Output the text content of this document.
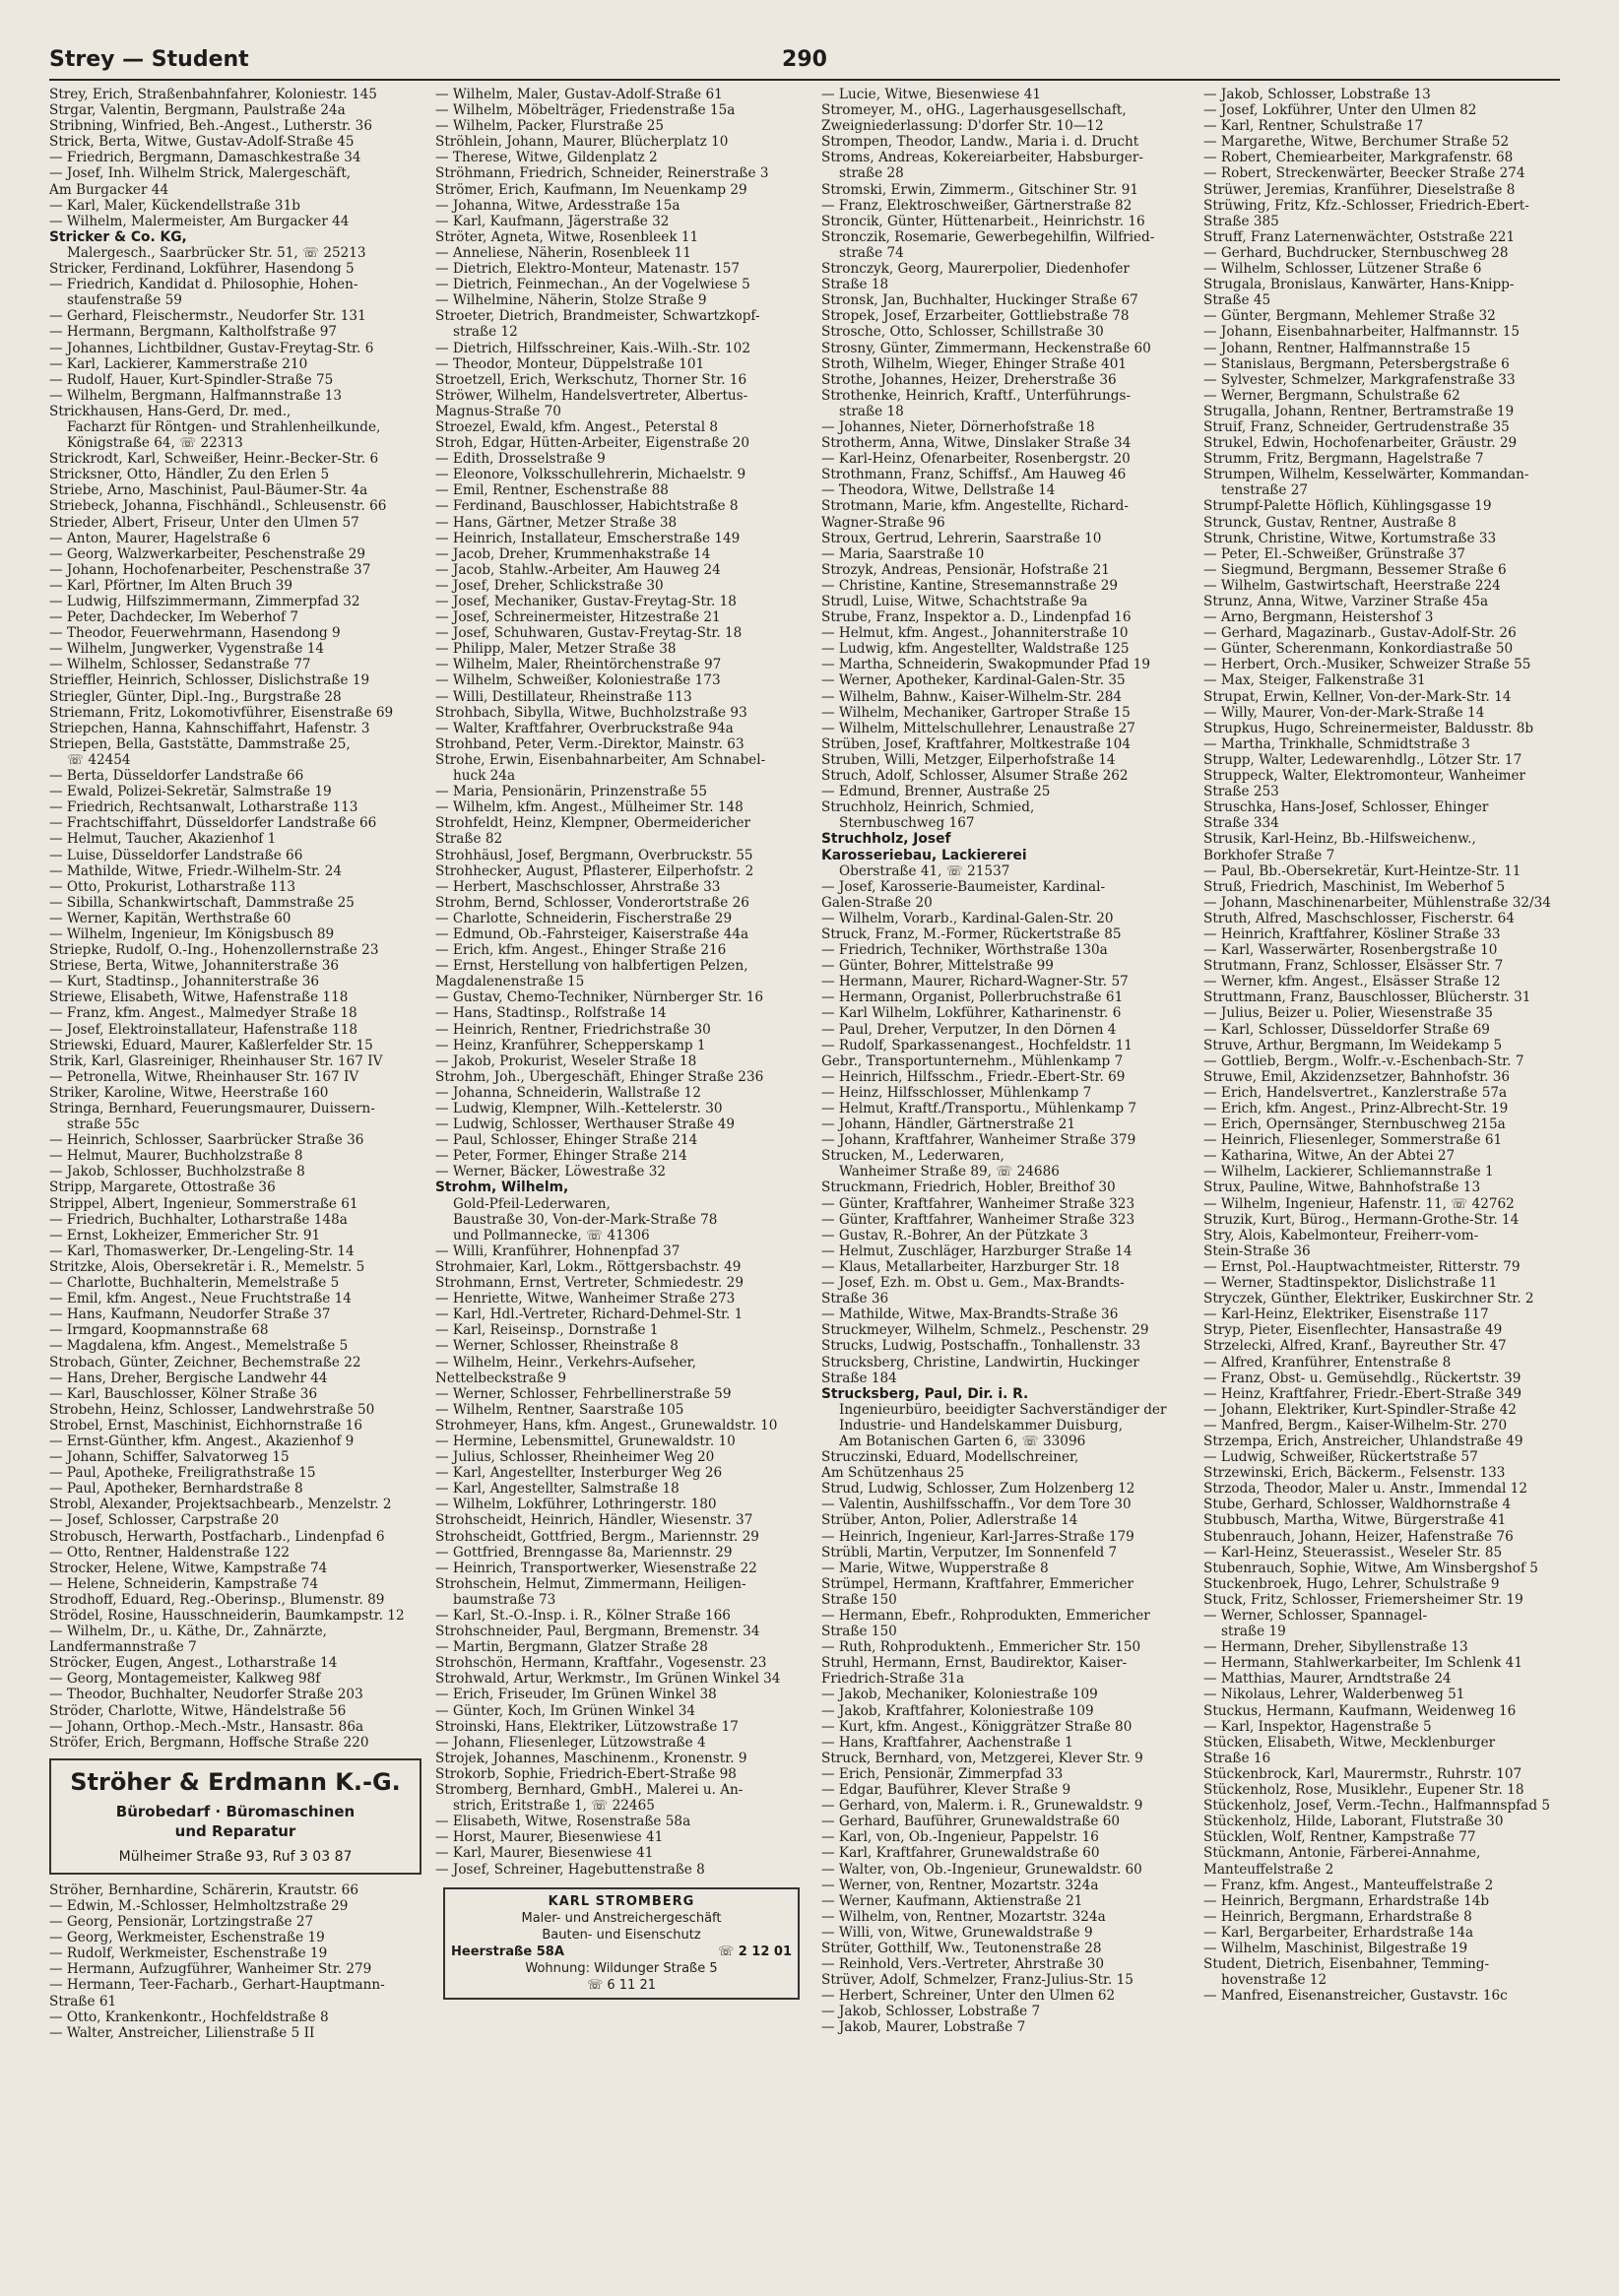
Strey — Student	290
Strey, Erich, Straßenbahnfahrer, Koloniestr. 145
Strgar, Valentin, Bergmann, Paulstraße 24a
Stribning, Winfried, Beh.-Angest., Lutherstr. 36
Strick, Berta, Witwe, Gustav-Adolf-Straße 45
— Friedrich, Bergmann, Damaschkestraße 34
— Josef, Inh. Wilhelm Strick, Malergeschäft,
Am Burgacker 44
— Karl, Maler, Kückendellstraße 31b
— Wilhelm, Malermeister, Am Burgacker 44
Stricker & Co. KG,
Malergesch., Saarbrücker Str. 51, ☏ 25213
Stricker, Ferdinand, Lokführer, Hasendong 5
— Friedrich, Kandidat d. Philosophie, Hohen-
staufenstraße 59
— Gerhard, Fleischermstr., Neudorfer Str. 131
— Hermann, Bergmann, Kaltholfstraße 97
— Johannes, Lichtbildner, Gustav-Freytag-Str. 6
— Karl, Lackierer, Kammerstraße 210
— Rudolf, Hauer, Kurt-Spindler-Straße 75
— Wilhelm, Bergmann, Halfmannstraße 13
Strickhausen, Hans-Gerd, Dr. med.,
Facharzt für Röntgen- und Strahlenheilkunde,
Königstraße 64, ☏ 22313
Strickrodt, Karl, Schweißer, Heinr.-Becker-Str. 6
Stricksner, Otto, Händler, Zu den Erlen 5
Striebe, Arno, Maschinist, Paul-Bäumer-Str. 4a
Striebeck, Johanna, Fischhändl., Schleusenstr. 66
Strieder, Albert, Friseur, Unter den Ulmen 57
— Anton, Maurer, Hagelstraße 6
— Georg, Walzwerkarbeiter, Peschenstraße 29
— Johann, Hochofenarbeiter, Peschenstraße 37
— Karl, Pförtner, Im Alten Bruch 39
— Ludwig, Hilfszimmermann, Zimmerpfad 32
— Peter, Dachdecker, Im Weberhof 7
— Theodor, Feuerwehrmann, Hasendong 9
— Wilhelm, Jungwerker, Vygenstraße 14
— Wilhelm, Schlosser, Sedanstraße 77
Strieffler, Heinrich, Schlosser, Dislichstraße 19
Striegler, Günter, Dipl.-Ing., Burgstraße 28
Striemann, Fritz, Lokomotivführer, Eisenstraße 69
Striepchen, Hanna, Kahnschiffahrt, Hafenstr. 3
Striepen, Bella, Gaststätte, Dammstraße 25,
☏ 42454
— Berta, Düsseldorfer Landstraße 66
— Ewald, Polizei-Sekretär, Salmstraße 19
— Friedrich, Rechtsanwalt, Lotharstraße 113
— Frachtschiffahrt, Düsseldorfer Landstraße 66
— Helmut, Taucher, Akazienhof 1
— Luise, Düsseldorfer Landstraße 66
— Mathilde, Witwe, Friedr.-Wilhelm-Str. 24
— Otto, Prokurist, Lotharstraße 113
— Sibilla, Schankwirtschaft, Dammstraße 25
— Werner, Kapitän, Werthstraße 60
— Wilhelm, Ingenieur, Im Königsbusch 89
Striepke, Rudolf, O.-Ing., Hohenzollernstraße 23
Striese, Berta, Witwe, Johanniterstraße 36
— Kurt, Stadtinsp., Johanniterstraße 36
Striewe, Elisabeth, Witwe, Hafenstraße 118
— Franz, kfm. Angest., Malmedyer Straße 18
— Josef, Elektroinstallateur, Hafenstraße 118
Striewski, Eduard, Maurer, Kaßlerfelder Str. 15
Strik, Karl, Glasreiniger, Rheinhauser Str. 167 IV
— Petronella, Witwe, Rheinhauser Str. 167 IV
Striker, Karoline, Witwe, Heerstraße 160
Stringa, Bernhard, Feuerungsmaurer, Duissern-
straße 55c
— Heinrich, Schlosser, Saarbrücker Straße 36
— Helmut, Maurer, Buchholzstraße 8
— Jakob, Schlosser, Buchholzstraße 8
Stripp, Margarete, Ottostraße 36
Strippel, Albert, Ingenieur, Sommerstraße 61
— Friedrich, Buchhalter, Lotharstraße 148a
— Ernst, Lokheizer, Emmericher Str. 91
— Karl, Thomaswerker, Dr.-Lengeling-Str. 14
Stritzke, Alois, Obersekretär i. R., Memelstr. 5
— Charlotte, Buchhalterin, Memelstraße 5
— Emil, kfm. Angest., Neue Fruchtstraße 14
— Hans, Kaufmann, Neudorfer Straße 37
— Irmgard, Koopmannstraße 68
— Magdalena, kfm. Angest., Memelstraße 5
Strobach, Günter, Zeichner, Bechemstraße 22
— Hans, Dreher, Bergische Landwehr 44
— Karl, Bauschlosser, Kölner Straße 36
Strobehn, Heinz, Schlosser, Landwehrstraße 50
Strobel, Ernst, Maschinist, Eichhornstraße 16
— Ernst-Günther, kfm. Angest., Akazienhof 9
— Johann, Schiffer, Salvatorweg 15
— Paul, Apotheke, Freiligrathstraße 15
— Paul, Apotheker, Bernhardstraße 8
Strobl, Alexander, Projektsachbearb., Menzelstr. 2
— Josef, Schlosser, Carpstraße 20
Strobusch, Herwarth, Postfacharb., Lindenpfad 6
— Otto, Rentner, Haldenstraße 122
Strocker, Helene, Witwe, Kampstraße 74
— Helene, Schneiderin, Kampstraße 74
Strodhoff, Eduard, Reg.-Oberinsp., Blumenstr. 89
Strödel, Rosine, Hausschneiderin, Baumkampstr. 12
— Wilhelm, Dr., u. Käthe, Dr., Zahnärzte,
Landfermannstraße 7
Ströcker, Eugen, Angest., Lotharstraße 14
— Georg, Montagemeister, Kalkweg 98f
— Theodor, Buchhalter, Neudorfer Straße 203
Ströder, Charlotte, Witwe, Händelstraße 56
— Johann, Orthop.-Mech.-Mstr., Hansastr. 86a
Ströfer, Erich, Bergmann, Hoffsche Straße 220
Ströher & Erdmann K.-G.
Bürobedarf · Büromaschinen
und Reparatur
Mülheimer Straße 93, Ruf 3 03 87
Ströher, Bernhardine, Schärerin, Krautstr. 66
— Edwin, M.-Schlosser, Helmholtzstraße 29
— Georg, Pensionär, Lortzingstraße 27
— Georg, Werkmeister, Eschenstraße 19
— Rudolf, Werkmeister, Eschenstraße 19
— Hermann, Aufzugführer, Wanheimer Str. 279
— Hermann, Teer-Facharb., Gerhart-Hauptmann-
Straße 61
— Otto, Krankenkontr., Hochfeldstraße 8
— Walter, Anstreicher, Lilienstraße 5 II
— Wilhelm, Maler, Gustav-Adolf-Straße 61
— Wilhelm, Möbelträger, Friedenstraße 15a
— Wilhelm, Packer, Flurstraße 25
Ströhlein, Johann, Maurer, Blücherplatz 10
— Therese, Witwe, Gildenplatz 2
Ströhmann, Friedrich, Schneider, Reinerstraße 3
Strömer, Erich, Kaufmann, Im Neuenkamp 29
— Johanna, Witwe, Ardesstraße 15a
— Karl, Kaufmann, Jägerstraße 32
Ströter, Agneta, Witwe, Rosenbleek 11
— Anneliese, Näherin, Rosenbleek 11
— Dietrich, Elektro-Monteur, Matenastr. 157
— Dietrich, Feinmechan., An der Vogelwiese 5
— Wilhelmine, Näherin, Stolze Straße 9
Stroeter, Dietrich, Brandmeister, Schwartzkopf-
straße 12
— Dietrich, Hilfsschreiner, Kais.-Wilh.-Str. 102
— Theodor, Monteur, Düppelstraße 101
Stroetzell, Erich, Werkschutz, Thorner Str. 16
Ströwer, Wilhelm, Handelsvertreter, Albertus-
Magnus-Straße 70
Stroezel, Ewald, kfm. Angest., Peterstal 8
Stroh, Edgar, Hütten-Arbeiter, Eigenstraße 20
— Edith, Drosselstraße 9
— Eleonore, Volksschullehrerin, Michaelstr. 9
— Emil, Rentner, Eschenstraße 88
— Ferdinand, Bauschlosser, Habichtstraße 8
— Hans, Gärtner, Metzer Straße 38
— Heinrich, Installateur, Emscherstraße 149
— Jacob, Dreher, Krummenhakstraße 14
— Jacob, Stahlw.-Arbeiter, Am Hauweg 24
— Josef, Dreher, Schlickstraße 30
— Josef, Mechaniker, Gustav-Freytag-Str. 18
— Josef, Schreinermeister, Hitzestraße 21
— Josef, Schuhwaren, Gustav-Freytag-Str. 18
— Philipp, Maler, Metzer Straße 38
— Wilhelm, Maler, Rheintörchenstraße 97
— Wilhelm, Schweißer, Koloniestraße 173
— Willi, Destillateur, Rheinstraße 113
Strohbach, Sibylla, Witwe, Buchholzstraße 93
— Walter, Kraftfahrer, Overbruckstraße 94a
Strohband, Peter, Verm.-Direktor, Mainstr. 63
Strohe, Erwin, Eisenbahnarbeiter, Am Schnabel-
huck 24a
— Maria, Pensionärin, Prinzenstraße 55
— Wilhelm, kfm. Angest., Mülheimer Str. 148
Strohfeldt, Heinz, Klempner, Obermeidericher
Straße 82
Strohhäusl, Josef, Bergmann, Overbruckstr. 55
Strohhecker, August, Pflasterer, Eilperhofstr. 2
— Herbert, Maschschlosser, Ahrstraße 33
Strohm, Bernd, Schlosser, Vonderortstraße 26
— Charlotte, Schneiderin, Fischerstraße 29
— Edmund, Ob.-Fahrsteiger, Kaiserstraße 44a
— Erich, kfm. Angest., Ehinger Straße 216
— Ernst, Herstellung von halbfertigen Pelzen,
Magdalenenstraße 15
— Gustav, Chemo-Techniker, Nürnberger Str. 16
— Hans, Stadtinsp., Rolfstraße 14
— Heinrich, Rentner, Friedrichstraße 30
— Heinz, Kranführer, Schepperskamp 1
— Jakob, Prokurist, Weseler Straße 18
Strohm, Joh., Übergeschäft, Ehinger Straße 236
— Johanna, Schneiderin, Wallstraße 12
— Ludwig, Klempner, Wilh.-Kettelerstr. 30
— Ludwig, Schlosser, Werthauser Straße 49
— Paul, Schlosser, Ehinger Straße 214
— Peter, Former, Ehinger Straße 214
— Werner, Bäcker, Löwestraße 32
Strohm, Wilhelm,
Gold-Pfeil-Lederwaren,
Baustraße 30, Von-der-Mark-Straße 78
und Pollmannecke, ☏ 41306
— Willi, Kranführer, Hohnenpfad 37
Strohmaier, Karl, Lokm., Röttgersbachstr. 49
Strohmann, Ernst, Vertreter, Schmiedestr. 29
— Henriette, Witwe, Wanheimer Straße 273
— Karl, Hdl.-Vertreter, Richard-Dehmel-Str. 1
— Karl, Reiseinsp., Dornstraße 1
— Werner, Schlosser, Rheinstraße 8
— Wilhelm, Heinr., Verkehrs-Aufseher,
Nettelbeckstraße 9
— Werner, Schlosser, Fehrbellinerstraße 59
— Wilhelm, Rentner, Saarstraße 105
Strohmeyer, Hans, kfm. Angest., Grunewaldstr. 10
— Hermine, Lebensmittel, Grunewaldstr. 10
— Julius, Schlosser, Rheinheimer Weg 20
— Karl, Angestellter, Insterburger Weg 26
— Karl, Angestellter, Salmstraße 18
— Wilhelm, Lokführer, Lothringerstr. 180
Strohscheidt, Heinrich, Händler, Wiesenstr. 37
Strohscheidt, Gottfried, Bergm., Mariennstr. 29
— Gottfried, Brenngasse 8a, Mariennstr. 29
— Heinrich, Transportwerker, Wiesenstraße 22
Strohschein, Helmut, Zimmermann, Heiligen-
baumstraße 73
— Karl, St.-O.-Insp. i. R., Kölner Straße 166
Strohschneider, Paul, Bergmann, Bremenstr. 34
— Martin, Bergmann, Glatzer Straße 28
Strohschön, Hermann, Kraftfahr., Vogesenstr. 23
Strohwald, Artur, Werkmstr., Im Grünen Winkel 34
— Erich, Friseuder, Im Grünen Winkel 38
— Günter, Koch, Im Grünen Winkel 34
Stroinski, Hans, Elektriker, Lützowstraße 17
— Johann, Fliesenleger, Lützowstraße 4
Strojek, Johannes, Maschinenm., Kronenstr. 9
Strokorb, Sophie, Friedrich-Ebert-Straße 98
Stromberg, Bernhard, GmbH., Malerei u. An-
strich, Eritstraße 1, ☏ 22465
— Elisabeth, Witwe, Rosenstraße 58a
— Horst, Maurer, Biesenwiese 41
— Karl, Maurer, Biesenwiese 41
— Josef, Schreiner, Hagebuttenstraße 8
KARL STROMBERG
Maler- und Anstreichergeschäft
Bauten- und Eisenschutz
Heerstraße 58A	☏ 2 12 01
Wohnung: Wildunger Straße 5
☏ 6 11 21
— Lucie, Witwe, Biesenwiese 41
Stromeyer, M., oHG., Lagerhausgesellschaft,
Zweigniederlassung: D'dorfer Str. 10—12
Strompen, Theodor, Landw., Maria i. d. Drucht
Stroms, Andreas, Kokereiarbeiter, Habsburger-
straße 28
Stromski, Erwin, Zimmerm., Gitschiner Str. 91
— Franz, Elektroschweißer, Gärtnerstraße 82
Stroncik, Günter, Hüttenarbeit., Heinrichstr. 16
Stronczik, Rosemarie, Gewerbegehilfin, Wilfried-
straße 74
Stronczyk, Georg, Maurerpolier, Diedenhofer
Straße 18
Stronsk, Jan, Buchhalter, Huckinger Straße 67
Stropek, Josef, Erzarbeiter, Gottliebstraße 78
Strosche, Otto, Schlosser, Schillstraße 30
Strosny, Günter, Zimmermann, Heckenstraße 60
Stroth, Wilhelm, Wieger, Ehinger Straße 401
Strothe, Johannes, Heizer, Dreherstraße 36
Strothenke, Heinrich, Kraftf., Unterführungs-
straße 18
— Johannes, Nieter, Dörnerhofstraße 18
Strotherm, Anna, Witwe, Dinslaker Straße 34
— Karl-Heinz, Ofenarbeiter, Rosenbergstr. 20
Strothmann, Franz, Schiffsf., Am Hauweg 46
— Theodora, Witwe, Dellstraße 14
Strotmann, Marie, kfm. Angestellte, Richard-
Wagner-Straße 96
Stroux, Gertrud, Lehrerin, Saarstraße 10
— Maria, Saarstraße 10
Strozyk, Andreas, Pensionär, Hofstraße 21
— Christine, Kantine, Stresemannstraße 29
Strudl, Luise, Witwe, Schachtstraße 9a
Strube, Franz, Inspektor a. D., Lindenpfad 16
— Helmut, kfm. Angest., Johanniterstraße 10
— Ludwig, kfm. Angestellter, Waldstraße 125
— Martha, Schneiderin, Swakopmunder Pfad 19
— Werner, Apotheker, Kardinal-Galen-Str. 35
— Wilhelm, Bahnw., Kaiser-Wilhelm-Str. 284
— Wilhelm, Mechaniker, Gartroper Straße 15
— Wilhelm, Mittelschullehrer, Lenaustraße 27
Strüben, Josef, Kraftfahrer, Moltkestraße 104
Struben, Willi, Metzger, Eilperhofstraße 14
Struch, Adolf, Schlosser, Alsumer Straße 262
— Edmund, Brenner, Austraße 25
Struchholz, Heinrich, Schmied,
Sternbuschweg 167
Struchholz, Josef
Karosseriebau, Lackiererei
Oberstraße 41, ☏ 21537
— Josef, Karosserie-Baumeister, Kardinal-
Galen-Straße 20
— Wilhelm, Vorarb., Kardinal-Galen-Str. 20
Struck, Franz, M.-Former, Rückertstraße 85
— Friedrich, Techniker, Wörthstraße 130a
— Günter, Bohrer, Mittelstraße 99
— Hermann, Maurer, Richard-Wagner-Str. 57
— Hermann, Organist, Pollerbruchstraße 61
— Karl Wilhelm, Lokführer, Katharinenstr. 6
— Paul, Dreher, Verputzer, In den Dörnen 4
— Rudolf, Sparkassenangest., Hochfeldstr. 11
Gebr., Transportunternehm., Mühlenkamp 7
— Heinrich, Hilfsschm., Friedr.-Ebert-Str. 69
— Heinz, Hilfsschlosser, Mühlenkamp 7
— Helmut, Kraftf./Transportu., Mühlenkamp 7
— Johann, Händler, Gärtnerstraße 21
— Johann, Kraftfahrer, Wanheimer Straße 379
Strucken, M., Lederwaren,
Wanheimer Straße 89, ☏ 24686
Struckmann, Friedrich, Hobler, Breithof 30
— Günter, Kraftfahrer, Wanheimer Straße 323
— Günter, Kraftfahrer, Wanheimer Straße 323
— Gustav, R.-Bohrer, An der Pützkate 3
— Helmut, Zuschläger, Harzburger Straße 14
— Klaus, Metallarbeiter, Harzburger Str. 18
— Josef, Ezh. m. Obst u. Gem., Max-Brandts-
Straße 36
— Mathilde, Witwe, Max-Brandts-Straße 36
Struckmeyer, Wilhelm, Schmelz., Peschenstr. 29
Strucks, Ludwig, Postschaffn., Tonhallenstr. 33
Strucksberg, Christine, Landwirtin, Huckinger
Straße 184
Strucksberg, Paul, Dir. i. R.
Ingenieurbüro, beeidigter Sachverständiger der
Industrie- und Handelskammer Duisburg,
Am Botanischen Garten 6, ☏ 33096
Struczinski, Eduard, Modellschreiner,
Am Schützenhaus 25
Strud, Ludwig, Schlosser, Zum Holzenberg 12
— Valentin, Aushilfsschaffn., Vor dem Tore 30
Strüber, Anton, Polier, Adlerstraße 14
— Heinrich, Ingenieur, Karl-Jarres-Straße 179
Strübli, Martin, Verputzer, Im Sonnenfeld 7
— Marie, Witwe, Wupperstraße 8
Strümpel, Hermann, Kraftfahrer, Emmericher
Straße 150
— Hermann, Ebefr., Rohprodukten, Emmericher
Straße 150
— Ruth, Rohproduktenh., Emmericher Str. 150
Struhl, Hermann, Ernst, Baudirektor, Kaiser-
Friedrich-Straße 31a
— Jakob, Mechaniker, Koloniestraße 109
— Jakob, Kraftfahrer, Koloniestraße 109
— Kurt, kfm. Angest., Königgrätzer Straße 80
— Hans, Kraftfahrer, Aachenstraße 1
Struck, Bernhard, von, Metzgerei, Klever Str. 9
— Erich, Pensionär, Zimmerpfad 33
— Edgar, Bauführer, Klever Straße 9
— Gerhard, von, Malerm. i. R., Grunewaldstr. 9
— Gerhard, Bauführer, Grunewaldstraße 60
— Karl, von, Ob.-Ingenieur, Pappelstr. 16
— Karl, Kraftfahrer, Grunewaldstraße 60
— Walter, von, Ob.-Ingenieur, Grunewaldstr. 60
— Werner, von, Rentner, Mozartstr. 324a
— Werner, Kaufmann, Aktienstraße 21
— Wilhelm, von, Rentner, Mozartstr. 324a
— Willi, von, Witwe, Grunewaldstraße 9
Strüter, Gotthilf, Ww., Teutonenstraße 28
— Reinhold, Vers.-Vertreter, Ahrstraße 30
Strüver, Adolf, Schmelzer, Franz-Julius-Str. 15
— Herbert, Schreiner, Unter den Ulmen 62
— Jakob, Schlosser, Lobstraße 7
— Jakob, Maurer, Lobstraße 7
— Jakob, Schlosser, Lobstraße 13
— Josef, Lokführer, Unter den Ulmen 82
— Karl, Rentner, Schulstraße 17
— Margarethe, Witwe, Berchumer Straße 52
— Robert, Chemiearbeiter, Markgrafenstr. 68
— Robert, Streckenwärter, Beecker Straße 274
Strüwer, Jeremias, Kranführer, Dieselstraße 8
Strüwing, Fritz, Kfz.-Schlosser, Friedrich-Ebert-
Straße 385
Struff, Franz Laternenwächter, Oststraße 221
— Gerhard, Buchdrucker, Sternbuschweg 28
— Wilhelm, Schlosser, Lützener Straße 6
Strugala, Bronislaus, Kanwärter, Hans-Knipp-
Straße 45
— Günter, Bergmann, Mehlemer Straße 32
— Johann, Eisenbahnarbeiter, Halfmannstr. 15
— Johann, Rentner, Halfmannstraße 15
— Stanislaus, Bergmann, Petersbergstraße 6
— Sylvester, Schmelzer, Markgrafenstraße 33
— Werner, Bergmann, Schulstraße 62
Strugalla, Johann, Rentner, Bertramstraße 19
Struif, Franz, Schneider, Gertrudenstraße 35
Strukel, Edwin, Hochofenarbeiter, Gräustr. 29
Strumm, Fritz, Bergmann, Hagelstraße 7
Strumpen, Wilhelm, Kesselwärter, Kommandan-
tenstraße 27
Strumpf-Palette Höflich, Kühlingsgasse 19
Strunck, Gustav, Rentner, Austraße 8
Strunk, Christine, Witwe, Kortumstraße 33
— Peter, El.-Schweißer, Grünstraße 37
— Siegmund, Bergmann, Bessemer Straße 6
— Wilhelm, Gastwirtschaft, Heerstraße 224
Strunz, Anna, Witwe, Varziner Straße 45a
— Arno, Bergmann, Heistershof 3
— Gerhard, Magazinarb., Gustav-Adolf-Str. 26
— Günter, Scherenmann, Konkordiastraße 50
— Herbert, Orch.-Musiker, Schweizer Straße 55
— Max, Steiger, Falkenstraße 31
Strupat, Erwin, Kellner, Von-der-Mark-Str. 14
— Willy, Maurer, Von-der-Mark-Straße 14
Strupkus, Hugo, Schreinermeister, Baldusstr. 8b
— Martha, Trinkhalle, Schmidtstraße 3
Strupp, Walter, Ledewarenhdlg., Lötzer Str. 17
Struppeck, Walter, Elektromonteur, Wanheimer
Straße 253
Struschka, Hans-Josef, Schlosser, Ehinger
Straße 334
Strusik, Karl-Heinz, Bb.-Hilfsweichenw.,
Borkhofer Straße 7
— Paul, Bb.-Obersekretär, Kurt-Heintze-Str. 11
Struß, Friedrich, Maschinist, Im Weberhof 5
— Johann, Maschinenarbeiter, Mühlenstraße 32/34
Struth, Alfred, Maschschlosser, Fischerstr. 64
— Heinrich, Kraftfahrer, Kösliner Straße 33
— Karl, Wasserwärter, Rosenbergstraße 10
Strutmann, Franz, Schlosser, Elsässer Str. 7
— Werner, kfm. Angest., Elsässer Straße 12
Struttmann, Franz, Bauschlosser, Blücherstr. 31
— Julius, Beizer u. Polier, Wiesenstraße 35
— Karl, Schlosser, Düsseldorfer Straße 69
Struve, Arthur, Bergmann, Im Weidekamp 5
— Gottlieb, Bergm., Wolfr.-v.-Eschenbach-Str. 7
Struwe, Emil, Akzidenzsetzer, Bahnhofstr. 36
— Erich, Handelsvertret., Kanzlerstraße 57a
— Erich, kfm. Angest., Prinz-Albrecht-Str. 19
— Erich, Opernsänger, Sternbuschweg 215a
— Heinrich, Fliesenleger, Sommerstraße 61
— Katharina, Witwe, An der Abtei 27
— Wilhelm, Lackierer, Schliemannstraße 1
Strux, Pauline, Witwe, Bahnhofstraße 13
— Wilhelm, Ingenieur, Hafenstr. 11, ☏ 42762
Struzik, Kurt, Bürog., Hermann-Grothe-Str. 14
Stry, Alois, Kabelmonteur, Freiherr-vom-
Stein-Straße 36
— Ernst, Pol.-Hauptwachtmeister, Ritterstr. 79
— Werner, Stadtinspektor, Dislichstraße 11
Stryczek, Günther, Elektriker, Euskirchner Str. 2
— Karl-Heinz, Elektriker, Eisenstraße 117
Stryp, Pieter, Eisenflechter, Hansastraße 49
Strzelecki, Alfred, Kranf., Bayreuther Str. 47
— Alfred, Kranführer, Entenstraße 8
— Franz, Obst- u. Gemüsehdlg., Rückertstr. 39
— Heinz, Kraftfahrer, Friedr.-Ebert-Straße 349
— Johann, Elektriker, Kurt-Spindler-Straße 42
— Manfred, Bergm., Kaiser-Wilhelm-Str. 270
Strzempa, Erich, Anstreicher, Uhlandstraße 49
— Ludwig, Schweißer, Rückertstraße 57
Strzewinski, Erich, Bäckerm., Felsenstr. 133
Strzoda, Theodor, Maler u. Anstr., Immendal 12
Stube, Gerhard, Schlosser, Waldhornstraße 4
Stubbusch, Martha, Witwe, Bürgerstraße 41
Stubenrauch, Johann, Heizer, Hafenstraße 76
— Karl-Heinz, Steuerassist., Weseler Str. 85
Stubenrauch, Sophie, Witwe, Am Winsbergshof 5
Stuckenbroek, Hugo, Lehrer, Schulstraße 9
Stuck, Fritz, Schlosser, Friemersheimer Str. 19
— Werner, Schlosser, Spannagel-
straße 19
— Hermann, Dreher, Sibyllenstraße 13
— Hermann, Stahlwerkarbeiter, Im Schlenk 41
— Matthias, Maurer, Arndtstraße 24
— Nikolaus, Lehrer, Walderbenweg 51
Stuckus, Hermann, Kaufmann, Weidenweg 16
— Karl, Inspektor, Hagenstraße 5
Stücken, Elisabeth, Witwe, Mecklenburger
Straße 16
Stückenbrock, Karl, Maurermstr., Ruhrstr. 107
Stückenholz, Rose, Musiklehr., Eupener Str. 18
Stückenholz, Josef, Verm.-Techn., Halfmannspfad 5
Stückenholz, Hilde, Laborant, Flutstraße 30
Stücklen, Wolf, Rentner, Kampstraße 77
Stückmann, Antonie, Färberei-Annahme,
Manteuffelstraße 2
— Franz, kfm. Angest., Manteuffelstraße 2
— Heinrich, Bergmann, Erhardstraße 14b
— Heinrich, Bergmann, Erhardstraße 8
— Karl, Bergarbeiter, Erhardstraße 14a
— Wilhelm, Maschinist, Bilgestraße 19
Student, Dietrich, Eisenbahner, Temming-
hovenstraße 12
— Manfred, Eisenanstreicher, Gustavstr. 16c
